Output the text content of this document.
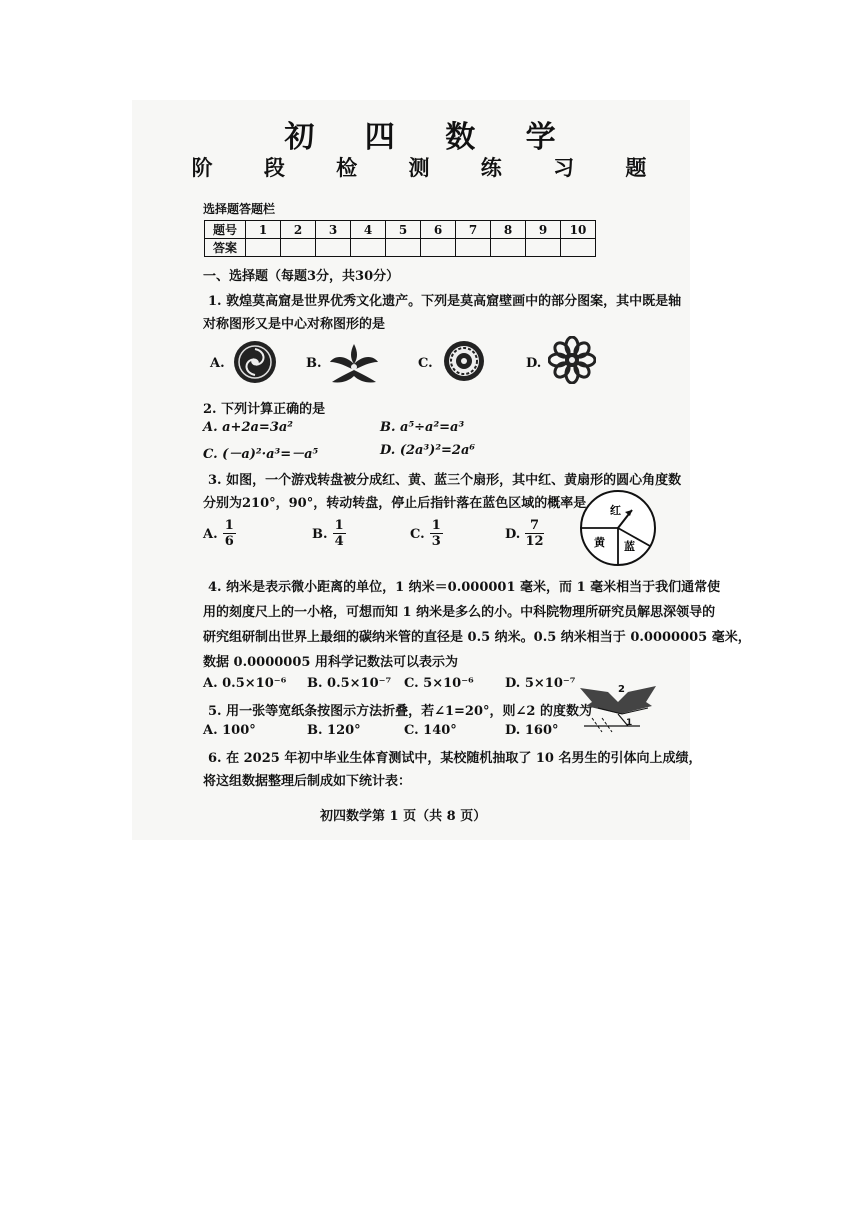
初 四 数 学
阶 段 检 测 练 习 题
选择题答题栏
题号	1	2	3	4	5	6	7	8	9	10
答案										
一、选择题（每题3分，共30分）
1. 敦煌莫高窟是世界优秀文化遗产。下列是莫高窟壁画中的部分图案，其中既是轴
对称图形又是中心对称图形的是
A.	B.	C.	D.
2. 下列计算正确的是
A. a+2a=3a²	B. a⁵÷a²=a³
C. (－a)²·a³=－a⁵	D. (2a³)²=2a⁶
3. 如图，一个游戏转盘被分成红、黄、蓝三个扇形，其中红、黄扇形的圆心角度数
分别为210°，90°，转动转盘，停止后指针落在蓝色区域的概率是
A. $\frac{1}{6}$	B. $\frac{1}{4}$	C. $\frac{1}{3}$	D. $\frac{7}{12}$
红
黄 蓝
4. 纳米是表示微小距离的单位，1 纳米＝0.000001 毫米，而 1 毫米相当于我们通常使
用的刻度尺上的一小格，可想而知 1 纳米是多么的小。中科院物理所研究员解思深领导的
研究组研制出世界上最细的碳纳米管的直径是 0.5 纳米。0.5 纳米相当于 0.0000005 毫米，
数据 0.0000005 用科学记数法可以表示为
A. 0.5×10⁻⁶ B. 0.5×10⁻⁷ C. 5×10⁻⁶ D. 5×10⁻⁷
5. 用一张等宽纸条按图示方法折叠，若∠1=20°，则∠2 的度数为
A. 100°	B. 120°	C. 140°	D. 160°
2
1
6. 在 2025 年初中毕业生体育测试中，某校随机抽取了 10 名男生的引体向上成绩，
将这组数据整理后制成如下统计表：
初四数学第 1 页（共 8 页）
